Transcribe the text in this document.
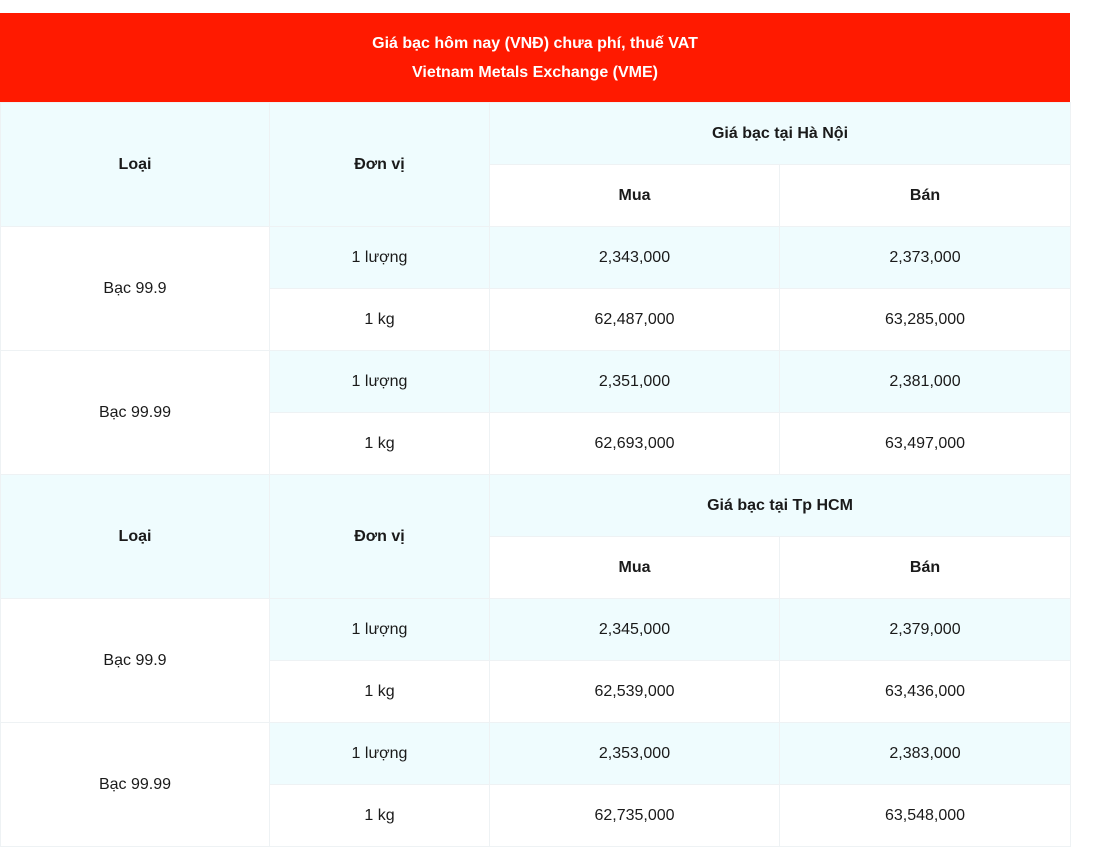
Giá bạc hôm nay (VNĐ) chưa phí, thuế VAT
Vietnam Metals Exchange (VME)
Loại	Đơn vị	Giá bạc tại Hà Nội	
		Mua	Bán
Bạc 99.9	1 lượng	2,343,000	2,373,000
	1 kg	62,487,000	63,285,000
Bạc 99.99	1 lượng	2,351,000	2,381,000
	1 kg	62,693,000	63,497,000
Loại	Đơn vị	Giá bạc tại Tp HCM	
		Mua	Bán
Bạc 99.9	1 lượng	2,345,000	2,379,000
	1 kg	62,539,000	63,436,000
Bạc 99.99	1 lượng	2,353,000	2,383,000
	1 kg	62,735,000	63,548,000
